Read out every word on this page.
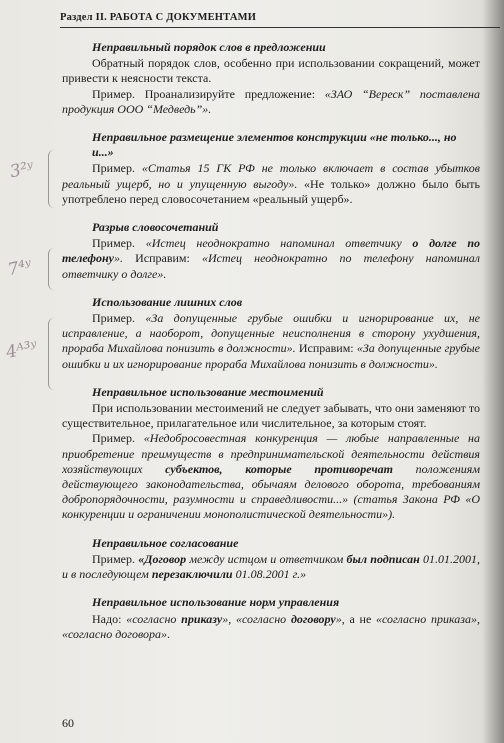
Раздел II. РАБОТА С ДОКУМЕНТАМИ
3²ʸ
7⁴ʸ
4ᴬ³ʸ
Неправильный порядок слов в предложении

Обратный порядок слов, особенно при использовании сокращений, может привести к неясности текста.

Пример. Проанализируйте предложение: «ЗАО “Вереск” поставлена продукция ООО “Медведь”».

Неправильное размещение элементов конструкции «не только..., но и...»

Пример. «Статья 15 ГК РФ не только включает в состав убытков реальный ущерб, но и упущенную выгоду». «Не только» должно было быть употреблено перед словосочетанием «реальный ущерб».

Разрыв словосочетаний

Пример. «Истец неоднократно напоминал ответчику о долге по телефону». Исправим: «Истец неоднократно по телефону напоминал ответчику о долге».

Использование лишних слов

Пример. «За допущенные грубые ошибки и игнорирование их, не исправление, а наоборот, допущенные неисполнения в сторону ухудшения, прораба Михайлова понизить в должности». Исправим: «За допущенные грубые ошибки и их игнорирование прораба Михайлова понизить в должности».

Неправильное использование местоимений

При использовании местоимений не следует забывать, что они заменяют то существительное, прилагательное или числительное, за которым стоят.

Пример. «Недобросовестная конкуренция — любые направленные на приобретение преимуществ в предпринимательской деятельности действия хозяйствующих субъектов, которые противоречат положениям действующего законодательства, обычаям делового оборота, требованиям добропорядочности, разумности и справедливости...» (статья Закона РФ «О конкуренции и ограничении монополистической деятельности»).

Неправильное согласование

Пример. «Договор между истцом и ответчиком был подписан 01.01.2001, и в последующем перезаключили 01.08.2001 г.»

Неправильное использование норм управления

Надо: «согласно приказу», «согласно договору», а не «согласно приказа», «согласно договора».

60
